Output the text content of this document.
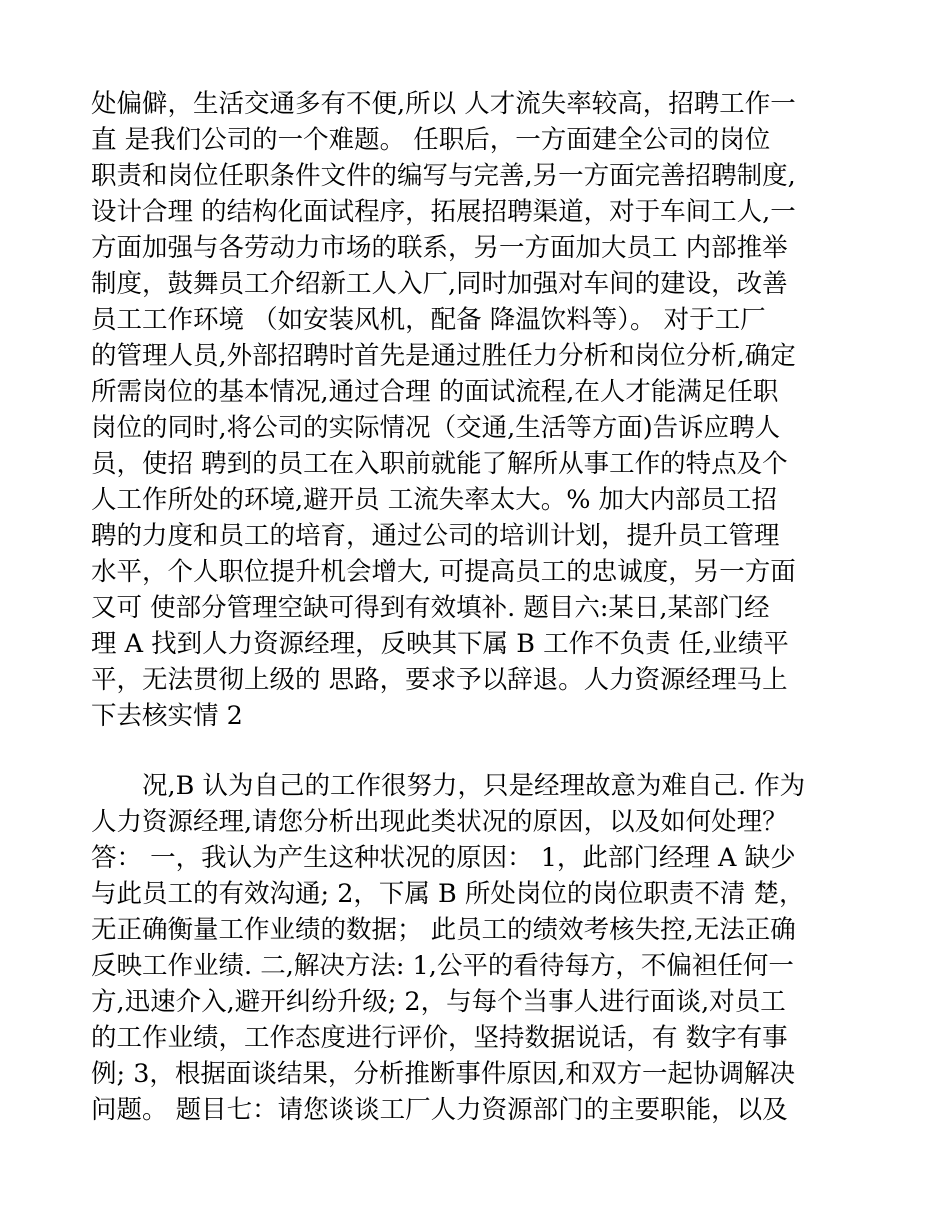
处偏僻，生活交通多有不便,所以 人才流失率较高，招聘工作一
直 是我们公司的一个难题。 任职后，一方面建全公司的岗位
职责和岗位任职条件文件的编写与完善,另一方面完善招聘制度,
设计合理 的结构化面试程序，拓展招聘渠道，对于车间工人,一
方面加强与各劳动力市场的联系，另一方面加大员工 内部推举
制度，鼓舞员工介绍新工人入厂,同时加强对车间的建设，改善
员工工作环境 （如安装风机，配备 降温饮料等）。 对于工厂
的管理人员,外部招聘时首先是通过胜任力分析和岗位分析,确定
所需岗位的基本情况,通过合理 的面试流程,在人才能满足任职
岗位的同时,将公司的实际情况（交通,生活等方面)告诉应聘人
员，使招 聘到的员工在入职前就能了解所从事工作的特点及个
人工作所处的环境,避开员 工流失率太大。% 加大内部员工招
聘的力度和员工的培育，通过公司的培训计划，提升员工管理
水平，个人职位提升机会增大, 可提高员工的忠诚度，另一方面
又可 使部分管理空缺可得到有效填补. 题目六:某日,某部门经
理 A 找到人力资源经理，反映其下属 B 工作不负责 任,业绩平
平，无法贯彻上级的 思路，要求予以辞退。人力资源经理马上
下去核实情 2
　　况,B 认为自己的工作很努力，只是经理故意为难自己. 作为
人力资源经理,请您分析出现此类状况的原因，以及如何处理？
答： 一，我认为产生这种状况的原因： 1，此部门经理 A 缺少
与此员工的有效沟通; 2，下属 B 所处岗位的岗位职责不清 楚，
无正确衡量工作业绩的数据； 此员工的绩效考核失控,无法正确
反映工作业绩. 二,解决方法: 1,公平的看待每方，不偏袒任何一
方,迅速介入,避开纠纷升级; 2，与每个当事人进行面谈,对员工
的工作业绩，工作态度进行评价，坚持数据说话，有 数字有事
例; 3，根据面谈结果，分析推断事件原因,和双方一起协调解决
问题。 题目七：请您谈谈工厂人力资源部门的主要职能，以及
